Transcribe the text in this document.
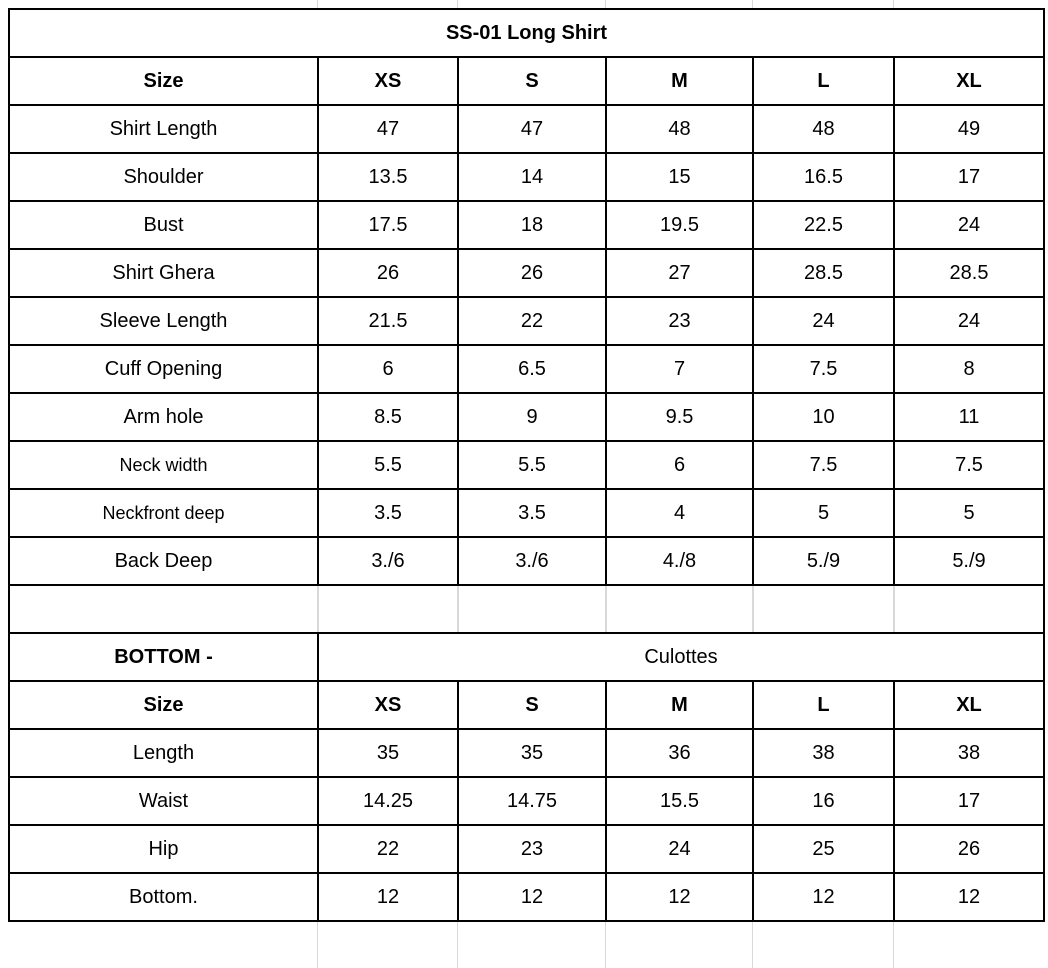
SS-01 Long Shirt					
Size	XS	S	M	L	XL
Shirt Length	47	47	48	48	49
Shoulder	13.5	14	15	16.5	17
Bust	17.5	18	19.5	22.5	24
Shirt Ghera	26	26	27	28.5	28.5
Sleeve Length	21.5	22	23	24	24
Cuff Opening	6	6.5	7	7.5	8
Arm hole	8.5	9	9.5	10	11
Neck width	5.5	5.5	6	7.5	7.5
Neckfront deep	3.5	3.5	4	5	5
Back Deep	3./6	3./6	4./8	5./9	5./9

BOTTOM -	Culottes				
Size	XS	S	M	L	XL
Length	35	35	36	38	38
Waist	14.25	14.75	15.5	16	17
Hip	22	23	24	25	26
Bottom.	12	12	12	12	12
